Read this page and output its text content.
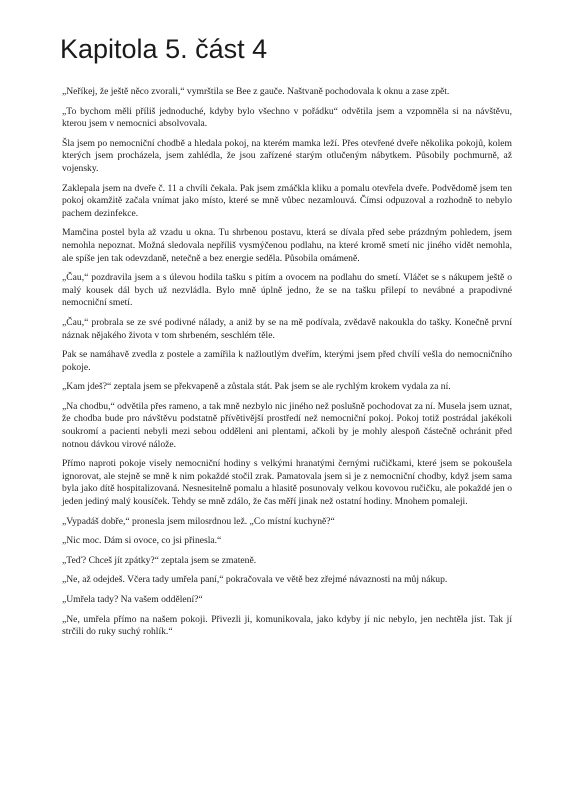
Kapitola 5. část 4

„Neříkej, že ještě něco zvorali,“ vymrštila se Bee z gauče. Naštvaně pochodovala k oknu a zase zpět.

„To bychom měli příliš jednoduché, kdyby bylo všechno v pořádku“ odvětila jsem a vzpomněla si na návštěvu, kterou jsem v nemocnici absolvovala.

Šla jsem po nemocniční chodbě a hledala pokoj, na kterém mamka leží. Přes otevřené dveře několika pokojů, kolem kterých jsem procházela, jsem zahlédla, že jsou zařízené starým otlučeným nábytkem. Působily pochmurně, až vojensky.

Zaklepala jsem na dveře č. 11 a chvíli čekala. Pak jsem zmáčkla kliku a pomalu otevřela dveře. Podvědomě jsem ten pokoj okamžitě začala vnímat jako místo, které se mně vůbec nezamlouvá. Čímsi odpuzoval a rozhodně to nebylo pachem dezinfekce.

Mamčina postel byla až vzadu u okna. Tu shrbenou postavu, která se dívala před sebe prázdným pohledem, jsem nemohla nepoznat. Možná sledovala nepříliš vysmýčenou podlahu, na které kromě smetí nic jiného vidět nemohla, ale spíše jen tak odevzdaně, netečně a bez energie seděla. Působila omámeně.

„Čau,“ pozdravila jsem a s úlevou hodila tašku s pitím a ovocem na podlahu do smetí. Vláčet se s nákupem ještě o malý kousek dál bych už nezvládla. Bylo mně úplně jedno, že se na tašku přilepí to nevábné a prapodivné nemocniční smetí.

„Čau,“ probrala se ze své podivné nálady, a aniž by se na mě podívala, zvědavě nakoukla do tašky. Konečně první náznak nějakého života v tom shrbeném, seschlém těle.

Pak se namáhavě zvedla z postele a zamířila k nažloutlým dveřím, kterými jsem před chvílí vešla do nemocničního pokoje.

„Kam jdeš?“ zeptala jsem se překvapeně a zůstala stát. Pak jsem se ale rychlým krokem vydala za ní.

„Na chodbu,“ odvětila přes rameno, a tak mně nezbylo nic jiného než poslušně pochodovat za ní. Musela jsem uznat, že chodba bude pro návštěvu podstatně přívětivější prostředí než nemocniční pokoj. Pokoj totiž postrádal jakékoli soukromí a pacienti nebyli mezi sebou odděleni ani plentami, ačkoli by je mohly alespoň částečně ochránit před notnou dávkou virové nálože.

Přímo naproti pokoje visely nemocniční hodiny s velkými hranatými černými ručičkami, které jsem se pokoušela ignorovat, ale stejně se mně k nim pokaždé stočil zrak. Pamatovala jsem si je z nemocniční chodby, když jsem sama byla jako dítě hospitalizovaná. Nesnesitelně pomalu a hlasitě posunovaly velkou kovovou ručičku, ale pokaždé jen o jeden jediný malý kousíček. Tehdy se mně zdálo, že čas měří jinak než ostatní hodiny. Mnohem pomaleji.

„Vypadáš dobře,“ pronesla jsem milosrdnou lež. „Co místní kuchyně?“

„Nic moc. Dám si ovoce, co jsi přinesla.“

„Teď? Chceš jít zpátky?“ zeptala jsem se zmateně.

„Ne, až odejdeš. Včera tady umřela paní,“ pokračovala ve větě bez zřejmé návaznosti na můj nákup.

„Umřela tady? Na vašem oddělení?“

„Ne, umřela přímo na našem pokoji. Přivezli ji, komunikovala, jako kdyby jí nic nebylo, jen nechtěla jíst. Tak jí strčili do ruky suchý rohlík.“
